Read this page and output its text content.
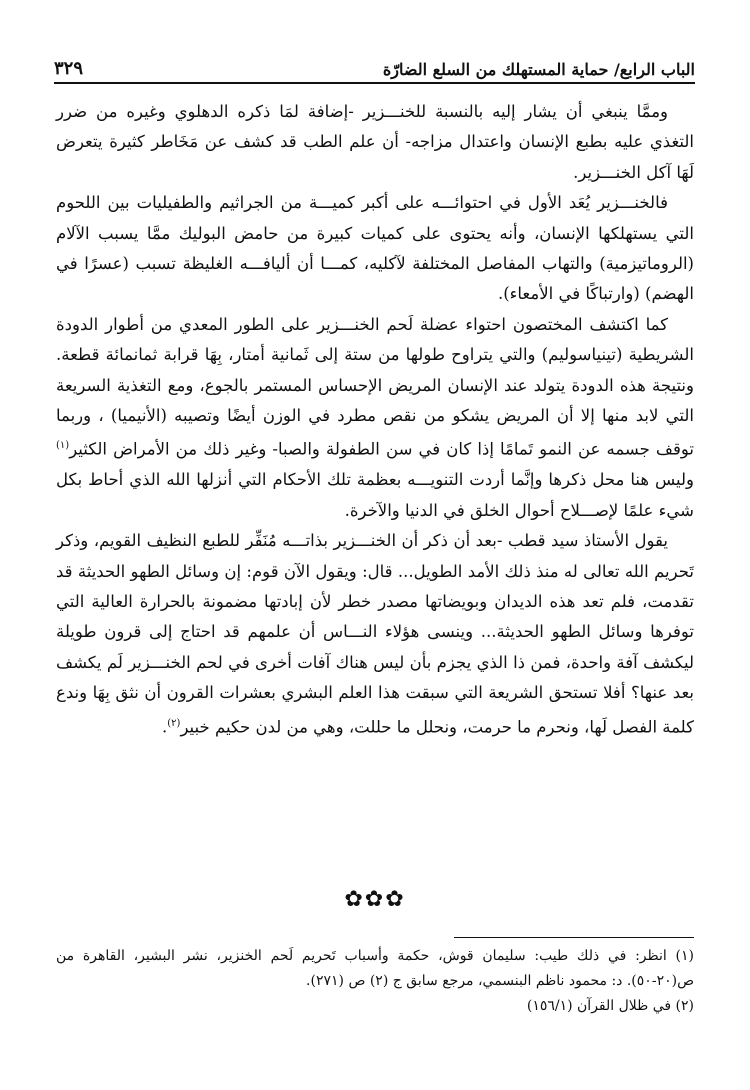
الباب الرابع/ حماية المستهلك من السلع الضارّة
٣٢٩

وممَّا ينبغي أن يشار إليه بالنسبة للخنـــزير -إضافة لمَا ذكره الدهلوي وغيره من ضرر التغذي عليه بطبع الإنسان واعتدال مزاجه- أن علم الطب قد كشف عن مَخَاطر كثيرة يتعرض لَهَا آكل الخنـــزير.

فالخنـــزير يُعَد الأول في احتوائـــه على أكبر كميـــة من الجراثيم والطفيليات بين اللحوم التي يستهلكها الإنسان، وأنه يحتوى على كميات كبيرة من حامض البوليك ممَّا يسبب الآلام (الروماتيزمية) والتهاب المفاصل المختلفة لآكليه، كمـــا أن أليافـــه الغليظة تسبب (عسرًا في الهضم) (وارتباكًا في الأمعاء).

كما اكتشف المختصون احتواء عضلة لَحم الخنـــزير على الطور المعدي من أطوار الدودة الشريطية (تينياسوليم) والتي يتراوح طولها من ستة إلى ثَمانية أمتار، بِهَا قرابة ثمانمائة قطعة. ونتيجة هذه الدودة يتولد عند الإنسان المريض الإحساس المستمر بالجوع، ومع التغذية السريعة التي لابد منها إلا أن المريض يشكو من نقص مطرد في الوزن أيضًا وتصيبه (الأنيميا) ، وربما توقف جسمه عن النمو تَمامًا إذا كان في سن الطفولة والصبا- وغير ذلك من الأمراض الكثير$^{(١)}$ وليس هنا محل ذكرها وإنَّما أردت التنويـــه بعظمة تلك الأحكام التي أنزلها الله الذي أحاط بكل شيء علمًا لإصـــلاح أحوال الخلق في الدنيا والآخرة.

يقول الأستاذ سيد قطب -بعد أن ذكر أن الخنـــزير بذاتـــه مُنَفِّر للطبع النظيف القويم، وذكر تَحريم الله تعالى له منذ ذلك الأمد الطويل... قال: ويقول الآن قوم: إن وسائل الطهو الحديثة قد تقدمت، فلم تعد هذه الديدان وبويضاتها مصدر خطر لأن إبادتها مضمونة بالحرارة العالية التي توفرها وسائل الطهو الحديثة... وينسى هؤلاء النـــاس أن علمهم قد احتاج إلى قرون طويلة ليكشف آفة واحدة، فمن ذا الذي يجزم بأن ليس هناك آفات أخرى في لحم الخنـــزير لَم يكشف بعد عنها؟ أفلا تستحق الشريعة التي سبقت هذا العلم البشري بعشرات القرون أن نثق بِهَا وندع كلمة الفصل لَها، ونحرم ما حرمت، ونحلل ما حللت، وهي من لدن حكيم خبير$^{(٢)}$.

✿✿✿

(١) انظر: في ذلك طيب: سليمان قوش، حكمة وأسباب تَحريم لَحم الخنزير، نشر البشير، القاهرة من ص(٢٠-٥٠). د: محمود ناظم البنسمي، مرجع سابق ج (٢) ص (٢٧١).

(٢) في ظلال القرآن (١٥٦/١)
